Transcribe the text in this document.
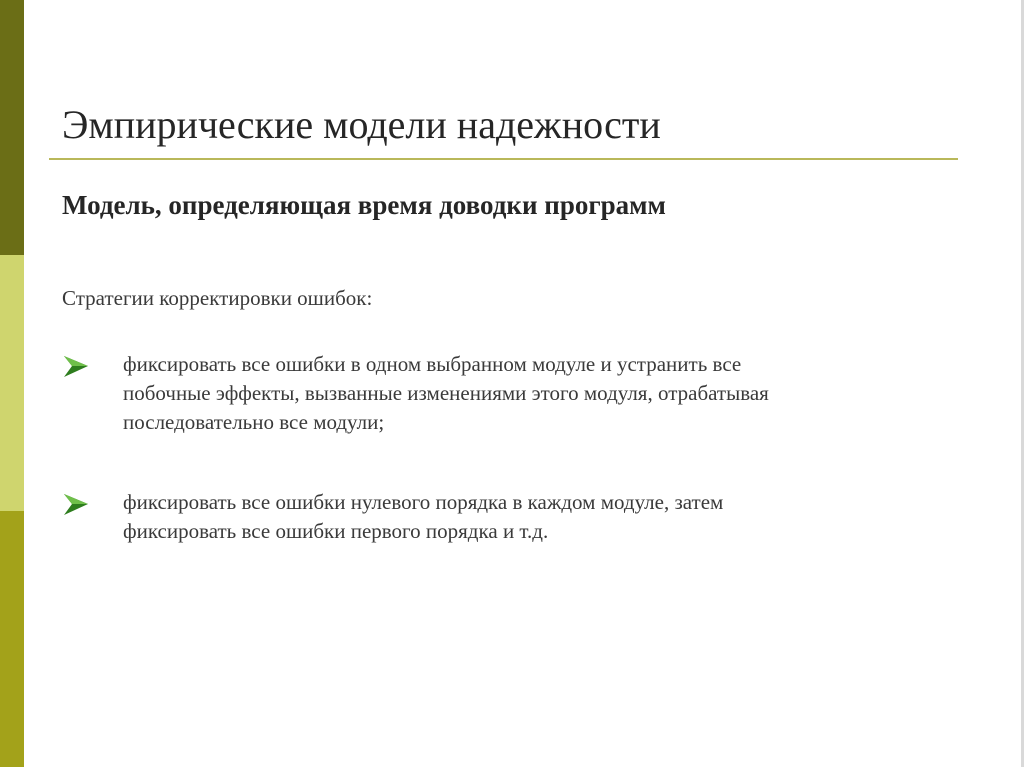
Эмпирические модели надежности
Модель, определяющая время доводки программ

Стратегии корректировки ошибок:

фиксировать все ошибки в одном выбранном модуле и устранить все
побочные эффекты, вызванные изменениями этого модуля, отрабатывая
последовательно все модули;

фиксировать все ошибки нулевого порядка в каждом модуле, затем
фиксировать все ошибки первого порядка и т.д.
